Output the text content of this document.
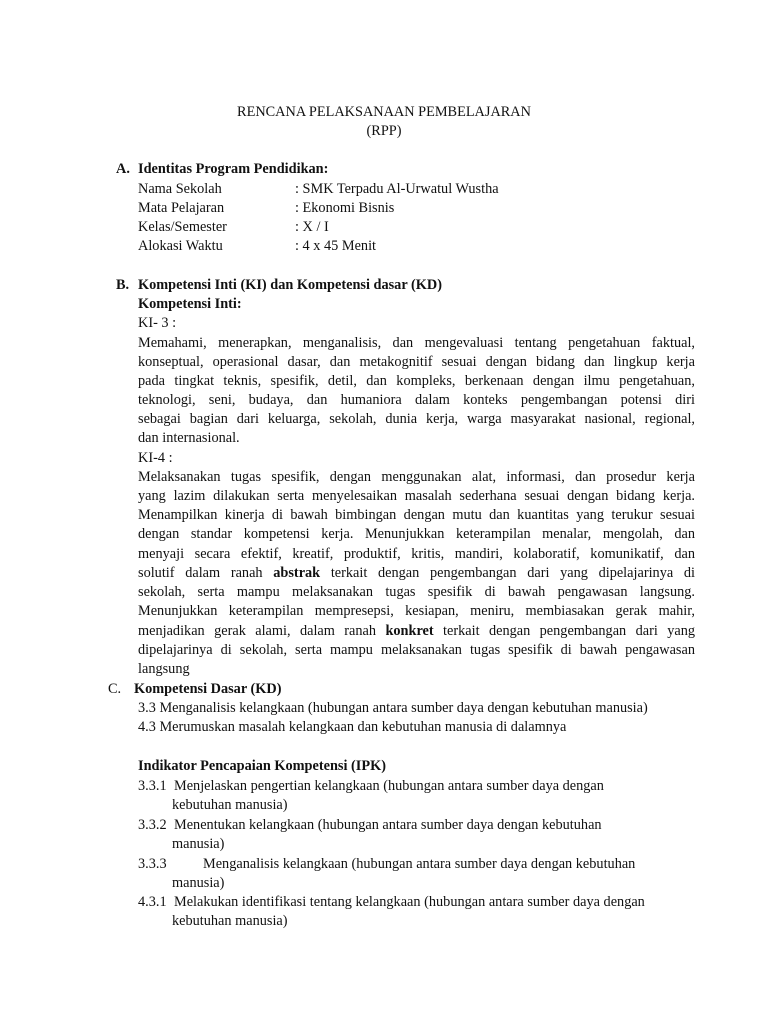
RENCANA PELAKSANAAN PEMBELAJARAN
(RPP)
A. Identitas Program Pendidikan:
Nama Sekolah	: SMK Terpadu Al-Urwatul Wustha
Mata Pelajaran	: Ekonomi Bisnis
Kelas/Semester	: X / I
Alokasi Waktu	: 4 x 45 Menit
B. Kompetensi Inti (KI) dan Kompetensi dasar (KD)
Kompetensi Inti:
KI- 3 :
Memahami, menerapkan, menganalisis, dan mengevaluasi tentang pengetahuan faktual,
konseptual, operasional dasar, dan metakognitif sesuai dengan bidang dan lingkup kerja
pada tingkat teknis, spesifik, detil, dan kompleks, berkenaan dengan ilmu pengetahuan,
teknologi, seni, budaya, dan humaniora dalam konteks pengembangan potensi diri
sebagai bagian dari keluarga, sekolah, dunia kerja, warga masyarakat nasional, regional,
dan internasional.
KI-4 :
Melaksanakan tugas spesifik, dengan menggunakan alat, informasi, dan prosedur kerja
yang lazim dilakukan serta menyelesaikan masalah sederhana sesuai dengan bidang kerja.
Menampilkan kinerja di bawah bimbingan dengan mutu dan kuantitas yang terukur sesuai
dengan standar kompetensi kerja. Menunjukkan keterampilan menalar, mengolah, dan
menyaji secara efektif, kreatif, produktif, kritis, mandiri, kolaboratif, komunikatif, dan
solutif dalam ranah abstrak terkait dengan pengembangan dari yang dipelajarinya di
sekolah, serta mampu melaksanakan tugas spesifik di bawah pengawasan langsung.
Menunjukkan keterampilan mempresepsi, kesiapan, meniru, membiasakan gerak mahir,
menjadikan gerak alami, dalam ranah konkret terkait dengan pengembangan dari yang
dipelajarinya di sekolah, serta mampu melaksanakan tugas spesifik di bawah pengawasan
langsung
C. Kompetensi Dasar (KD)
3.3 Menganalisis kelangkaan (hubungan antara sumber daya dengan kebutuhan manusia)
4.3 Merumuskan masalah kelangkaan dan kebutuhan manusia di dalamnya
Indikator Pencapaian Kompetensi (IPK)
3.3.1 Menjelaskan pengertian kelangkaan (hubungan antara sumber daya dengan
kebutuhan manusia)
3.3.2 Menentukan kelangkaan (hubungan antara sumber daya dengan kebutuhan
manusia)
3.3.3	Menganalisis kelangkaan (hubungan antara sumber daya dengan kebutuhan
manusia)
4.3.1 Melakukan identifikasi tentang kelangkaan (hubungan antara sumber daya dengan
kebutuhan manusia)
